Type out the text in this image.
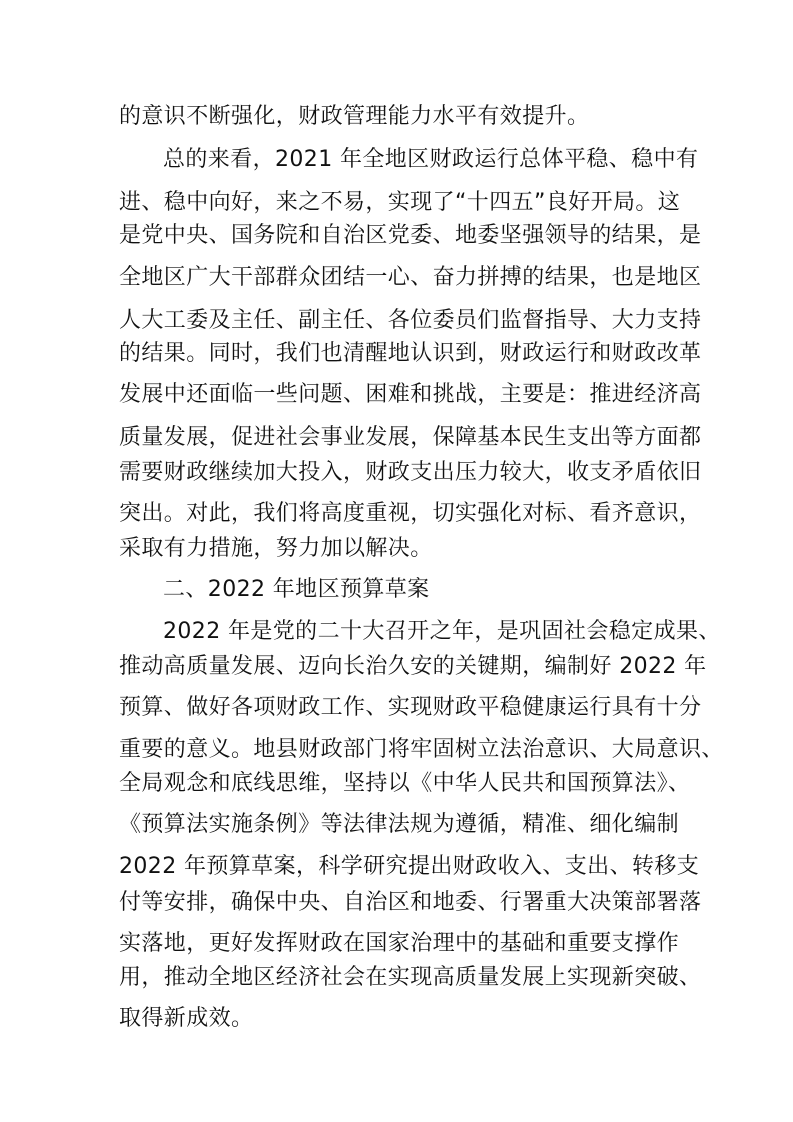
的意识不断强化，财政管理能力水平有效提升。
总的来看，2021 年全地区财政运行总体平稳、稳中有
进、稳中向好，来之不易，实现了“十四五”良好开局。这
是党中央、国务院和自治区党委、地委坚强领导的结果，是
全地区广大干部群众团结一心、奋力拼搏的结果，也是地区
人大工委及主任、副主任、各位委员们监督指导、大力支持
的结果。同时，我们也清醒地认识到，财政运行和财政改革
发展中还面临一些问题、困难和挑战，主要是：推进经济高
质量发展，促进社会事业发展，保障基本民生支出等方面都
需要财政继续加大投入，财政支出压力较大，收支矛盾依旧
突出。对此，我们将高度重视，切实强化对标、看齐意识，
采取有力措施，努力加以解决。
二、2022 年地区预算草案
2022 年是党的二十大召开之年，是巩固社会稳定成果、
推动高质量发展、迈向长治久安的关键期，编制好 2022 年
预算、做好各项财政工作、实现财政平稳健康运行具有十分
重要的意义。地县财政部门将牢固树立法治意识、大局意识、
全局观念和底线思维，坚持以《中华人民共和国预算法》、
《预算法实施条例》等法律法规为遵循，精准、细化编制
2022 年预算草案，科学研究提出财政收入、支出、转移支
付等安排，确保中央、自治区和地委、行署重大决策部署落
实落地，更好发挥财政在国家治理中的基础和重要支撑作
用，推动全地区经济社会在实现高质量发展上实现新突破、
取得新成效。
